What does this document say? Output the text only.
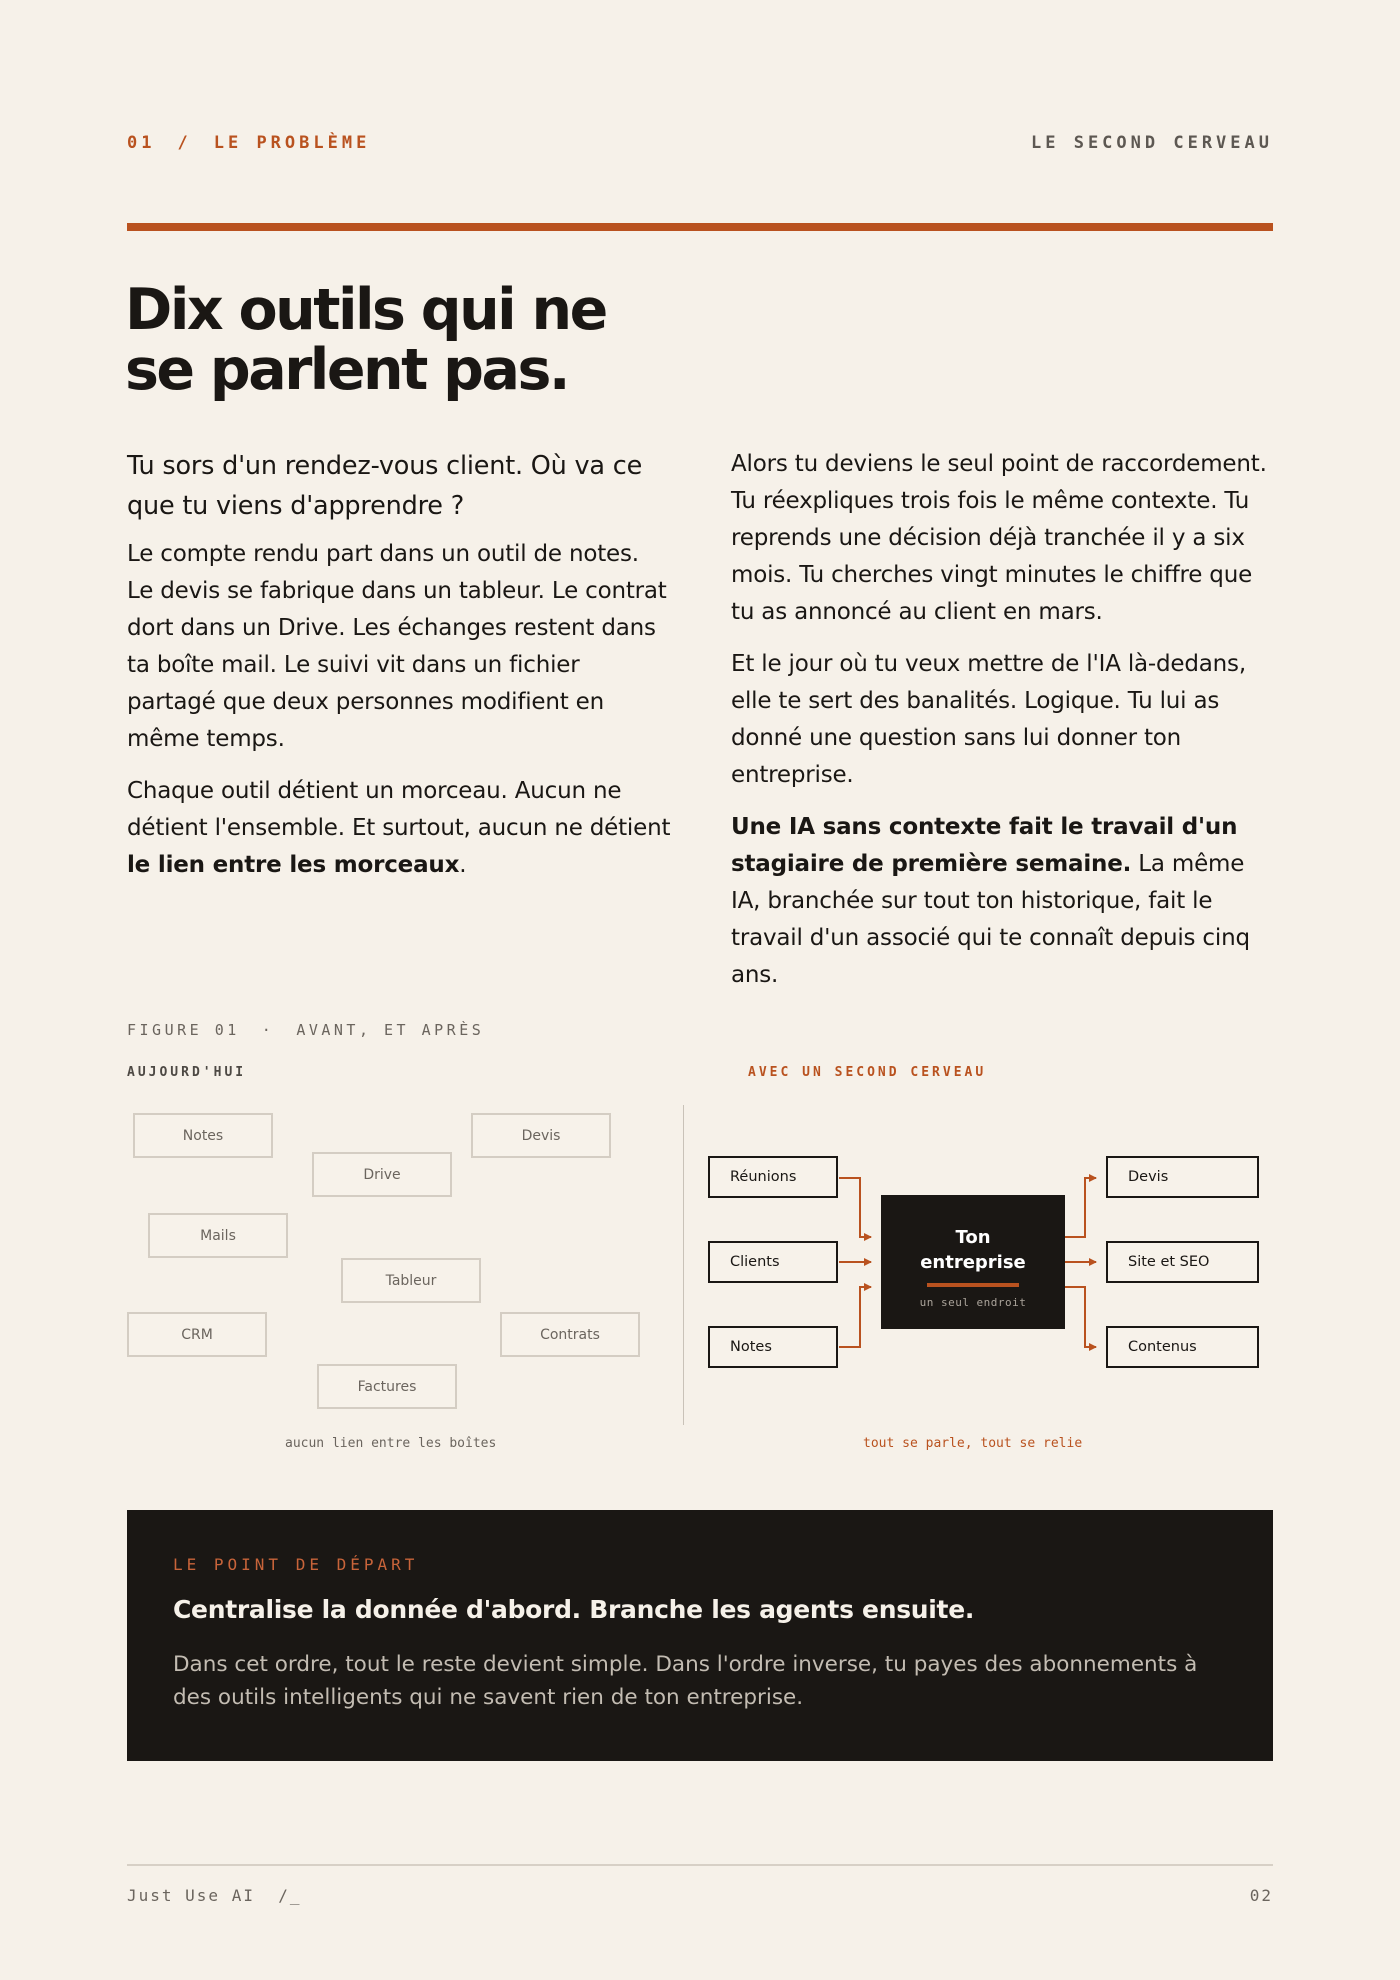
01 / LE PROBLÈME	LE SECOND CERVEAU
Dix outils qui ne
se parlent pas.
Tu sors d'un rendez-vous client. Où va ce que tu viens d'apprendre ?

Le compte rendu part dans un outil de notes. Le devis se fabrique dans un tableur. Le contrat dort dans un Drive. Les échanges restent dans ta boîte mail. Le suivi vit dans un fichier partagé que deux personnes modifient en même temps.

Chaque outil détient un morceau. Aucun ne détient l'ensemble. Et surtout, aucun ne détient le lien entre les morceaux.

Alors tu deviens le seul point de raccordement. Tu réexpliques trois fois le même contexte. Tu reprends une décision déjà tranchée il y a six mois. Tu cherches vingt minutes le chiffre que tu as annoncé au client en mars.

Et le jour où tu veux mettre de l'IA là-dedans, elle te sert des banalités. Logique. Tu lui as donné une question sans lui donner ton entreprise.

Une IA sans contexte fait le travail d'un stagiaire de première semaine. La même IA, branchée sur tout ton historique, fait le travail d'un associé qui te connaît depuis cinq ans.

FIGURE 01 · AVANT, ET APRÈS
AUJOURD'HUI	AVEC UN SECOND CERVEAU
Notes	Devis
Drive
Mails
Tableur
CRM	Contrats
Factures
Réunions
Clients
Notes
Ton
entreprise
un seul endroit
Devis
Site et SEO
Contenus
aucun lien entre les boîtes	tout se parle, tout se relie
LE POINT DE DÉPART
Centralise la donnée d'abord. Branche les agents ensuite.
Dans cet ordre, tout le reste devient simple. Dans l'ordre inverse, tu payes des abonnements à des outils intelligents qui ne savent rien de ton entreprise.
Just Use AI  /_	02
